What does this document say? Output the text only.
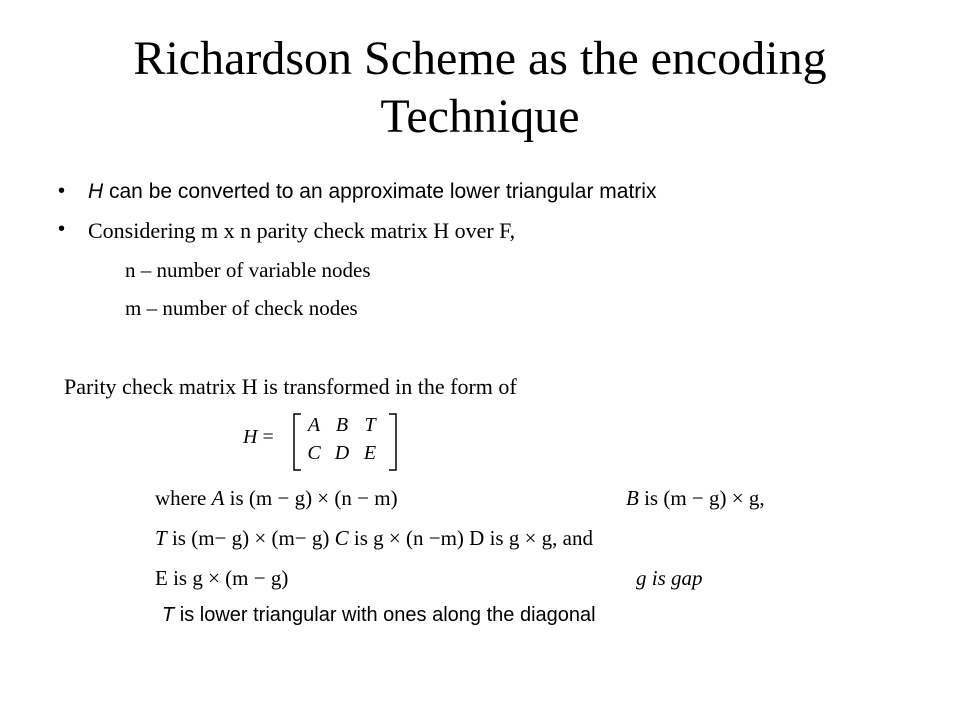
Richardson Scheme as the encoding Technique
• H can be converted to an approximate lower triangular matrix
• Considering m x n parity check matrix H over F,
n – number of variable nodes
m – number of check nodes
Parity check matrix H is transformed in the form of
H =
A B T
C D E
where A is (m − g) × (n − m)	B is (m − g) × g,
T is (m− g) × (m− g) C is g × (n −m) D is g × g, and
E is g × (m − g)	g is gap
T is lower triangular with ones along the diagonal
